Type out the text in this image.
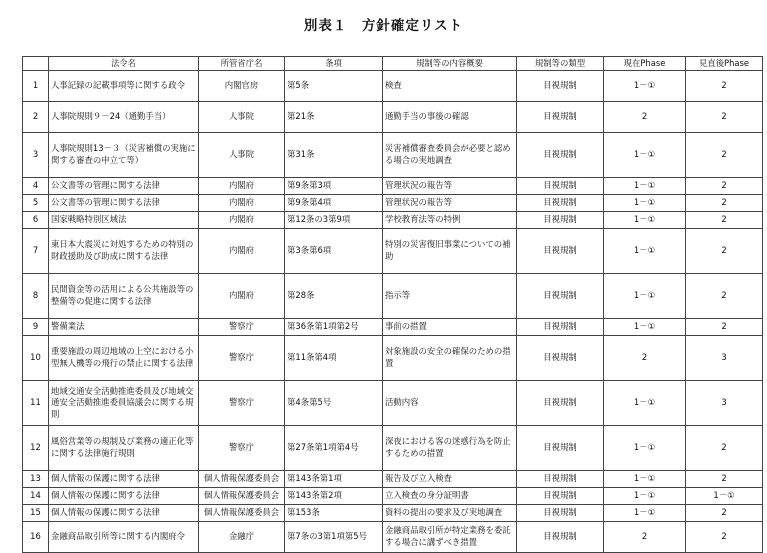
別表１　方針確定リスト
	法令名	所管省庁名	条項	規制等の内容概要	規制等の類型	現在Phase	見直後Phase
1	人事記録の記載事項等に関する政令	内閣官房	第5条	検査	目視規制	1－①	2
2	人事院規則９－24（通勤手当）	人事院	第21条	通勤手当の事後の確認	目視規制	2	2
3	人事院規則13－３（災害補償の実施に関する審査の申立て等）	人事院	第31条	災害補償審査委員会が必要と認める場合の実地調査	目視規制	1－①	2
4	公文書等の管理に関する法律	内閣府	第9条第3項	管理状況の報告等	目視規制	1－①	2
5	公文書等の管理に関する法律	内閣府	第9条第4項	管理状況の報告等	目視規制	1－①	2
6	国家戦略特別区域法	内閣府	第12条の3第9項	学校教育法等の特例	目視規制	1－①	2
7	東日本大震災に対処するための特別の財政援助及び助成に関する法律	内閣府	第3条第6項	特別の災害復旧事業についての補助	目視規制	1－①	2
8	民間資金等の活用による公共施設等の整備等の促進に関する法律	内閣府	第28条	指示等	目視規制	1－①	2
9	警備業法	警察庁	第36条第1項第2号	事前の措置	目視規制	1－①	2
10	重要施設の周辺地域の上空における小型無人機等の飛行の禁止に関する法律	警察庁	第11条第4項	対象施設の安全の確保のための措置	目視規制	2	3
11	地域交通安全活動推進委員及び地域交通安全活動推進委員協議会に関する規則	警察庁	第4条第5号	活動内容	目視規制	1－①	3
12	風俗営業等の規制及び業務の適正化等に関する法律施行規則	警察庁	第27条第1項第4号	深夜における客の迷惑行為を防止するための措置	目視規制	1－①	2
13	個人情報の保護に関する法律	個人情報保護委員会	第143条第1項	報告及び立入検査	目視規制	1－①	2
14	個人情報の保護に関する法律	個人情報保護委員会	第143条第2項	立入検査の身分証明書	目視規制	1－①	1－①
15	個人情報の保護に関する法律	個人情報保護委員会	第153条	資料の提出の要求及び実地調査	目視規制	1－①	2
16	金融商品取引所等に関する内閣府令	金融庁	第7条の3第1項第5号	金融商品取引所が特定業務を委託する場合に講ずべき措置	目視規制	2	2
